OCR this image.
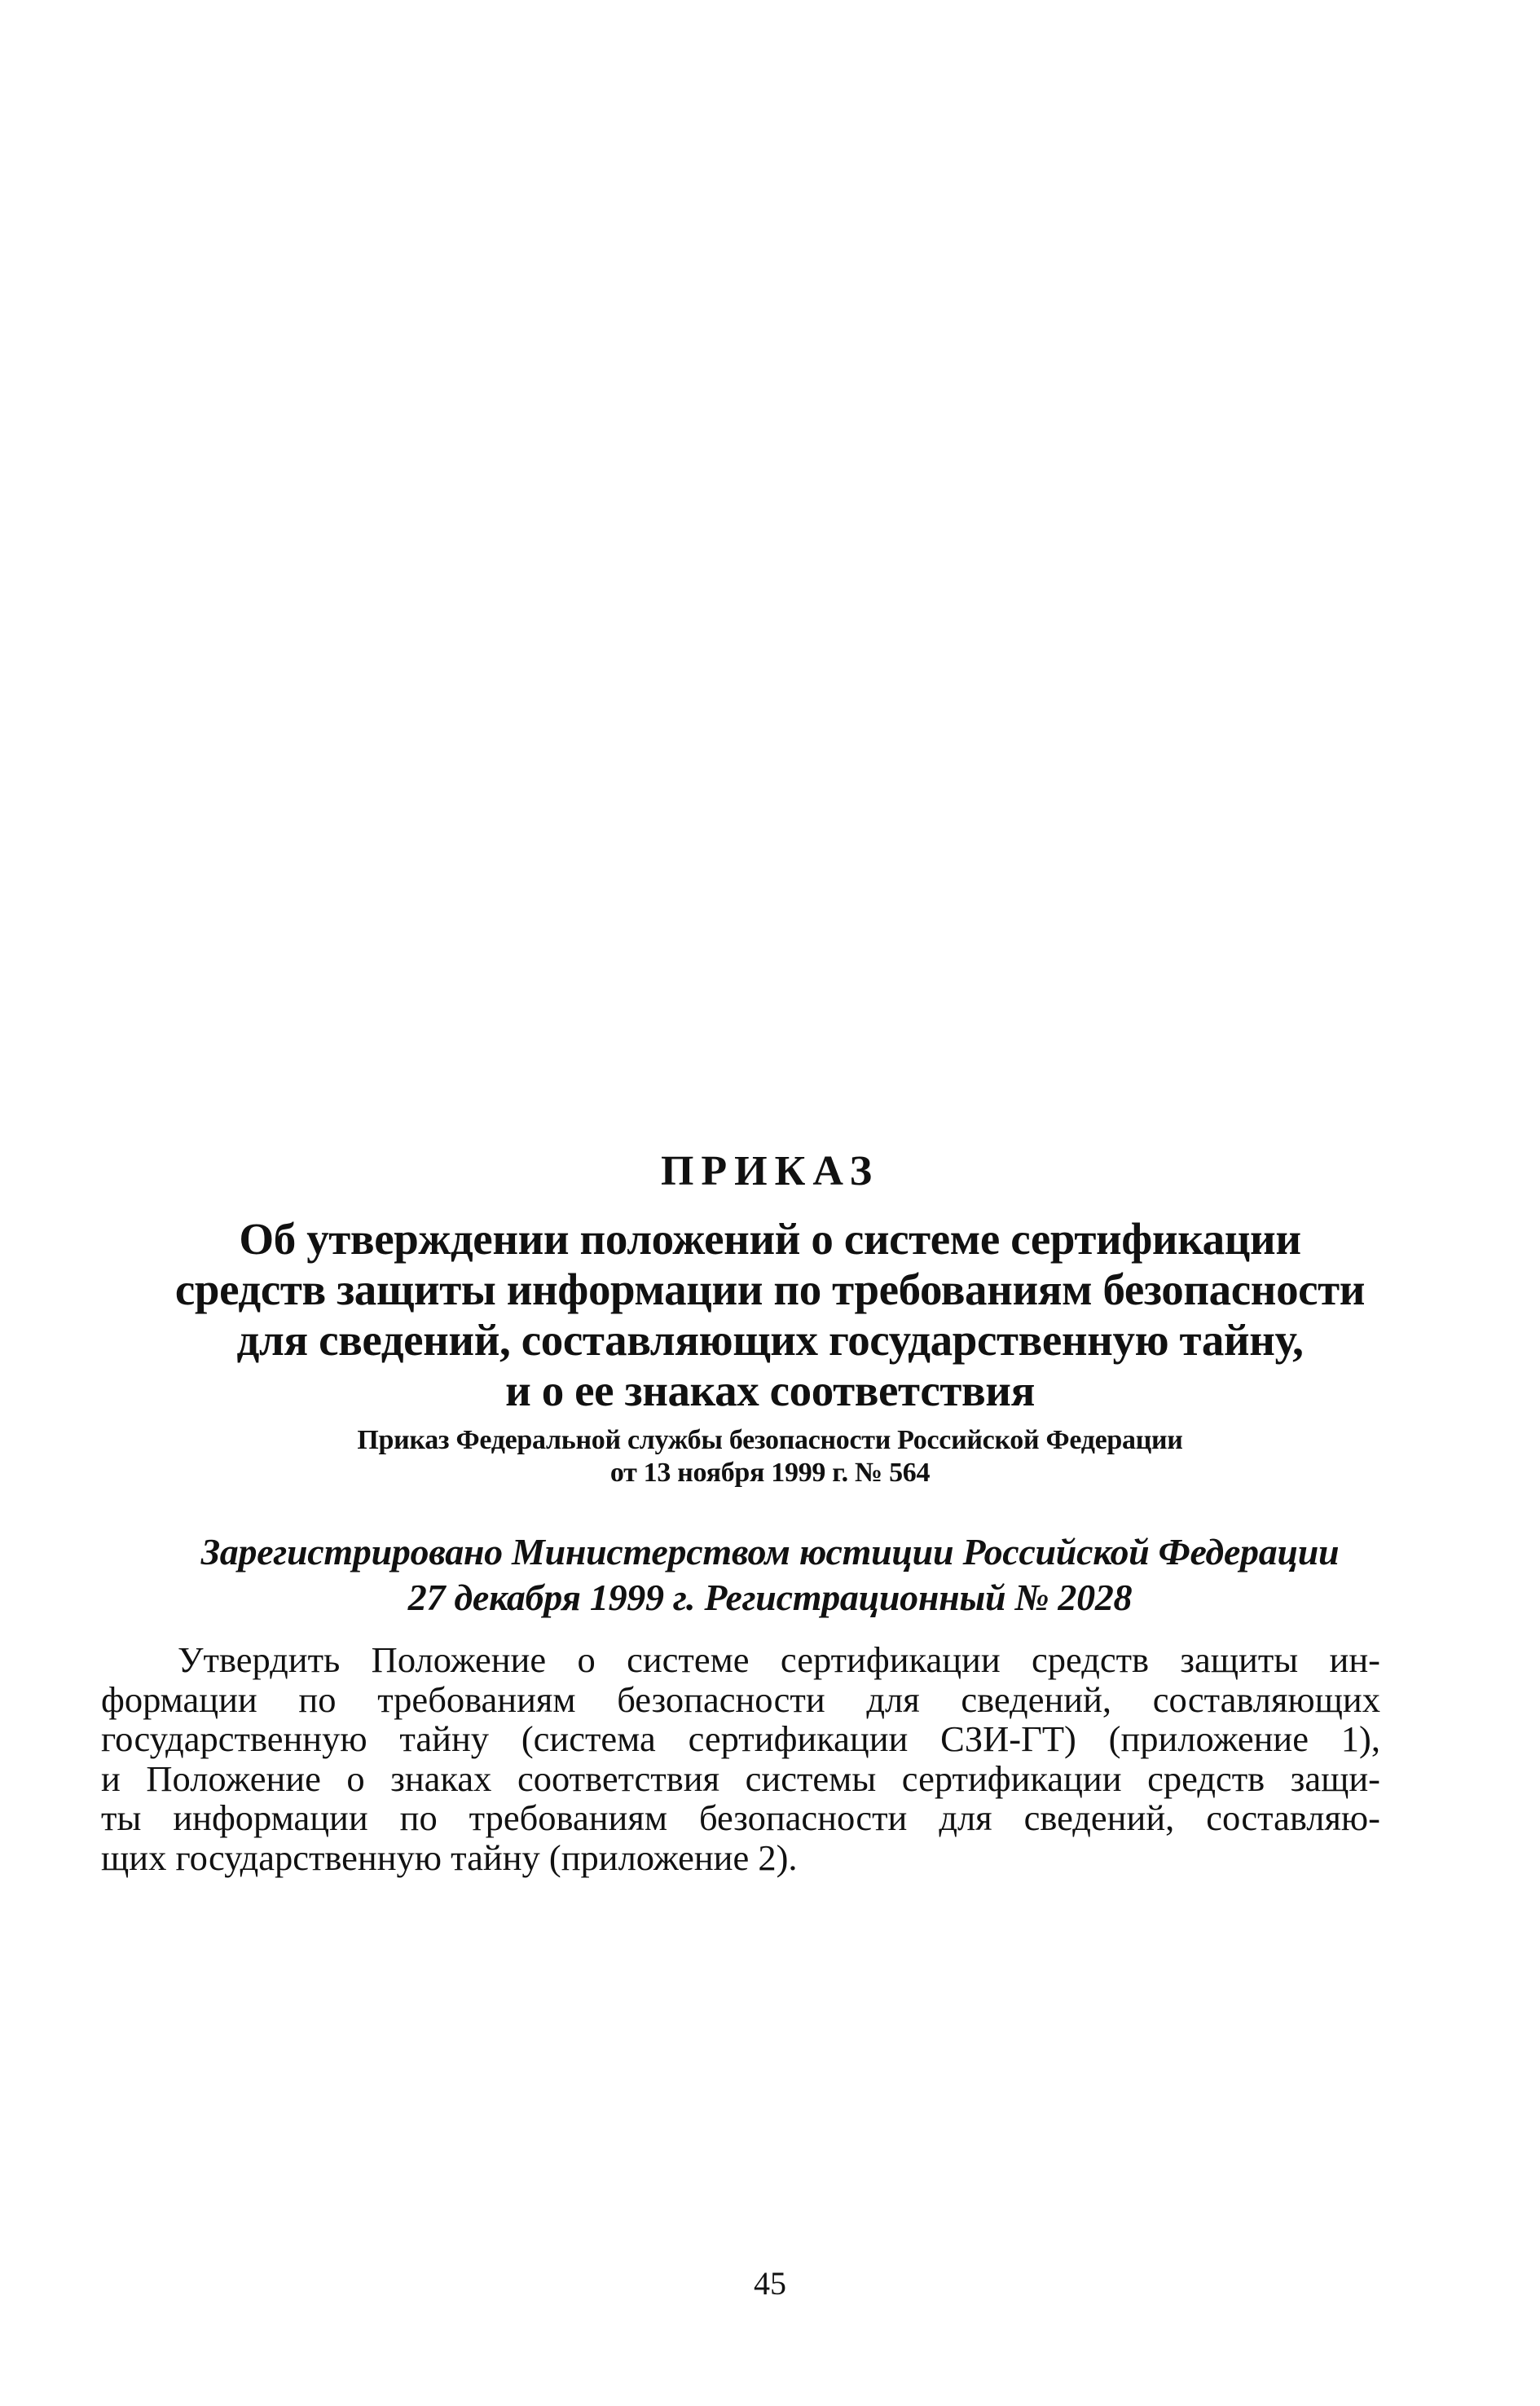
ПРИКАЗ
Об утверждении положений о системе сертификации
средств защиты информации по требованиям безопасности
для сведений, составляющих государственную тайну,
и о ее знаках соответствия
Приказ Федеральной службы безопасности Российской Федерации
от 13 ноября 1999 г. № 564
Зарегистрировано Министерством юстиции Российской Федерации
27 декабря 1999 г. Регистрационный № 2028
Утвердить Положение о системе сертификации средств защиты ин-
формации по требованиям безопасности для сведений, составляющих
государственную тайну (система сертификации СЗИ-ГТ) (приложение 1),
и Положение о знаках соответствия системы сертификации средств защи-
ты информации по требованиям безопасности для сведений, составляю-
щих государственную тайну (приложение 2).
45
